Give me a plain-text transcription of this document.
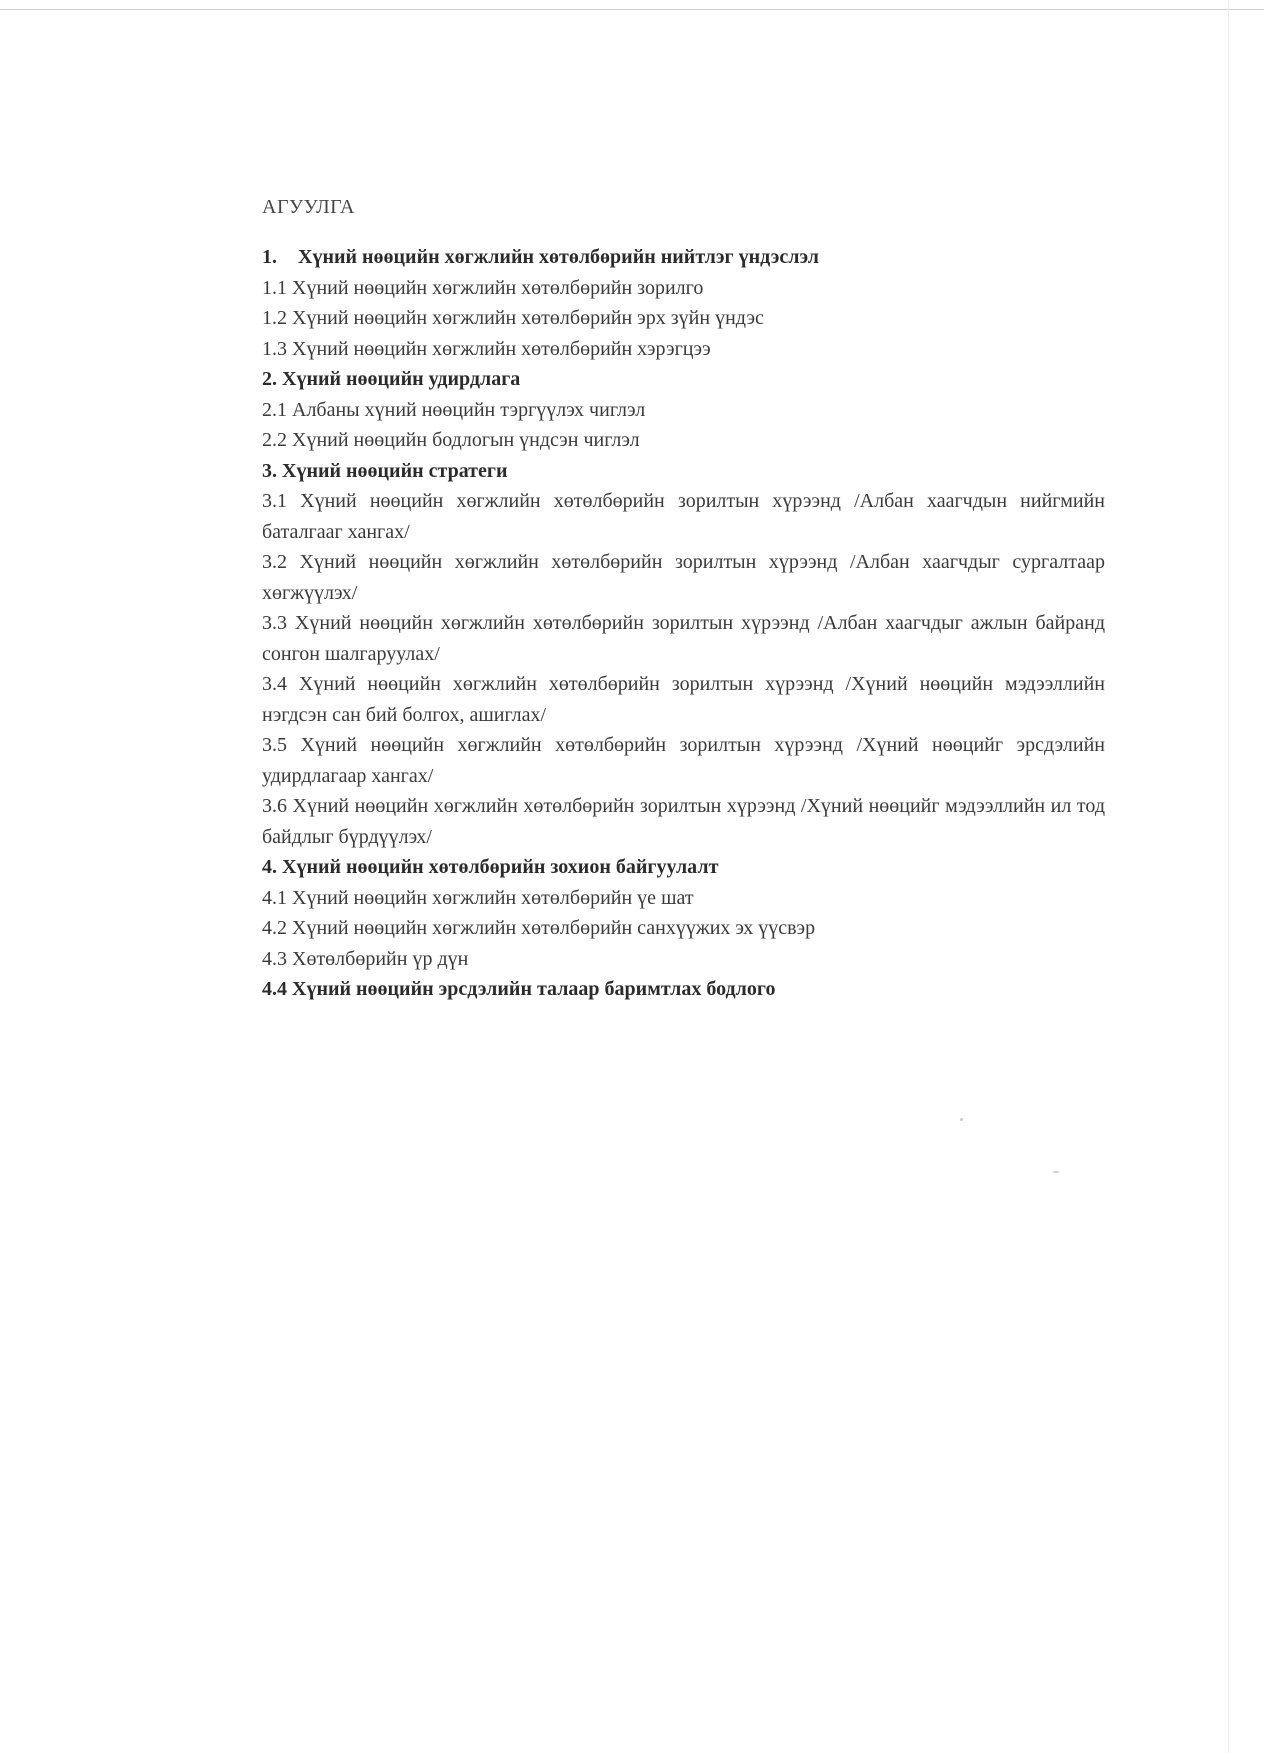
АГУУЛГА

1. Хүний нөөцийн хөгжлийн хөтөлбөрийн нийтлэг үндэслэл

1.1 Хүний нөөцийн хөгжлийн хөтөлбөрийн зорилго

1.2 Хүний нөөцийн хөгжлийн хөтөлбөрийн эрх зүйн үндэс

1.3 Хүний нөөцийн хөгжлийн хөтөлбөрийн хэрэгцээ

2. Хүний нөөцийн удирдлага

2.1 Албаны хүний нөөцийн тэргүүлэх чиглэл

2.2 Хүний нөөцийн бодлогын үндсэн чиглэл

3. Хүний нөөцийн стратеги

3.1 Хүний нөөцийн хөгжлийн хөтөлбөрийн зорилтын хүрээнд /Албан хаагчдын нийгмийн баталгааг хангах/

3.2 Хүний нөөцийн хөгжлийн хөтөлбөрийн зорилтын хүрээнд /Албан хаагчдыг сургалтаар хөгжүүлэх/

3.3 Хүний нөөцийн хөгжлийн хөтөлбөрийн зорилтын хүрээнд /Албан хаагчдыг ажлын байранд сонгон шалгаруулах/

3.4 Хүний нөөцийн хөгжлийн хөтөлбөрийн зорилтын хүрээнд /Хүний нөөцийн мэдээллийн нэгдсэн сан бий болгох, ашиглах/

3.5 Хүний нөөцийн хөгжлийн хөтөлбөрийн зорилтын хүрээнд /Хүний нөөцийг эрсдэлийн удирдлагаар хангах/

3.6 Хүний нөөцийн хөгжлийн хөтөлбөрийн зорилтын хүрээнд /Хүний нөөцийг мэдээллийн ил тод байдлыг бүрдүүлэх/

4. Хүний нөөцийн хөтөлбөрийн зохион байгуулалт

4.1 Хүний нөөцийн хөгжлийн хөтөлбөрийн үе шат

4.2 Хүний нөөцийн хөгжлийн хөтөлбөрийн санхүүжих эх үүсвэр

4.3 Хөтөлбөрийн үр дүн

4.4 Хүний нөөцийн эрсдэлийн талаар баримтлах бодлого
